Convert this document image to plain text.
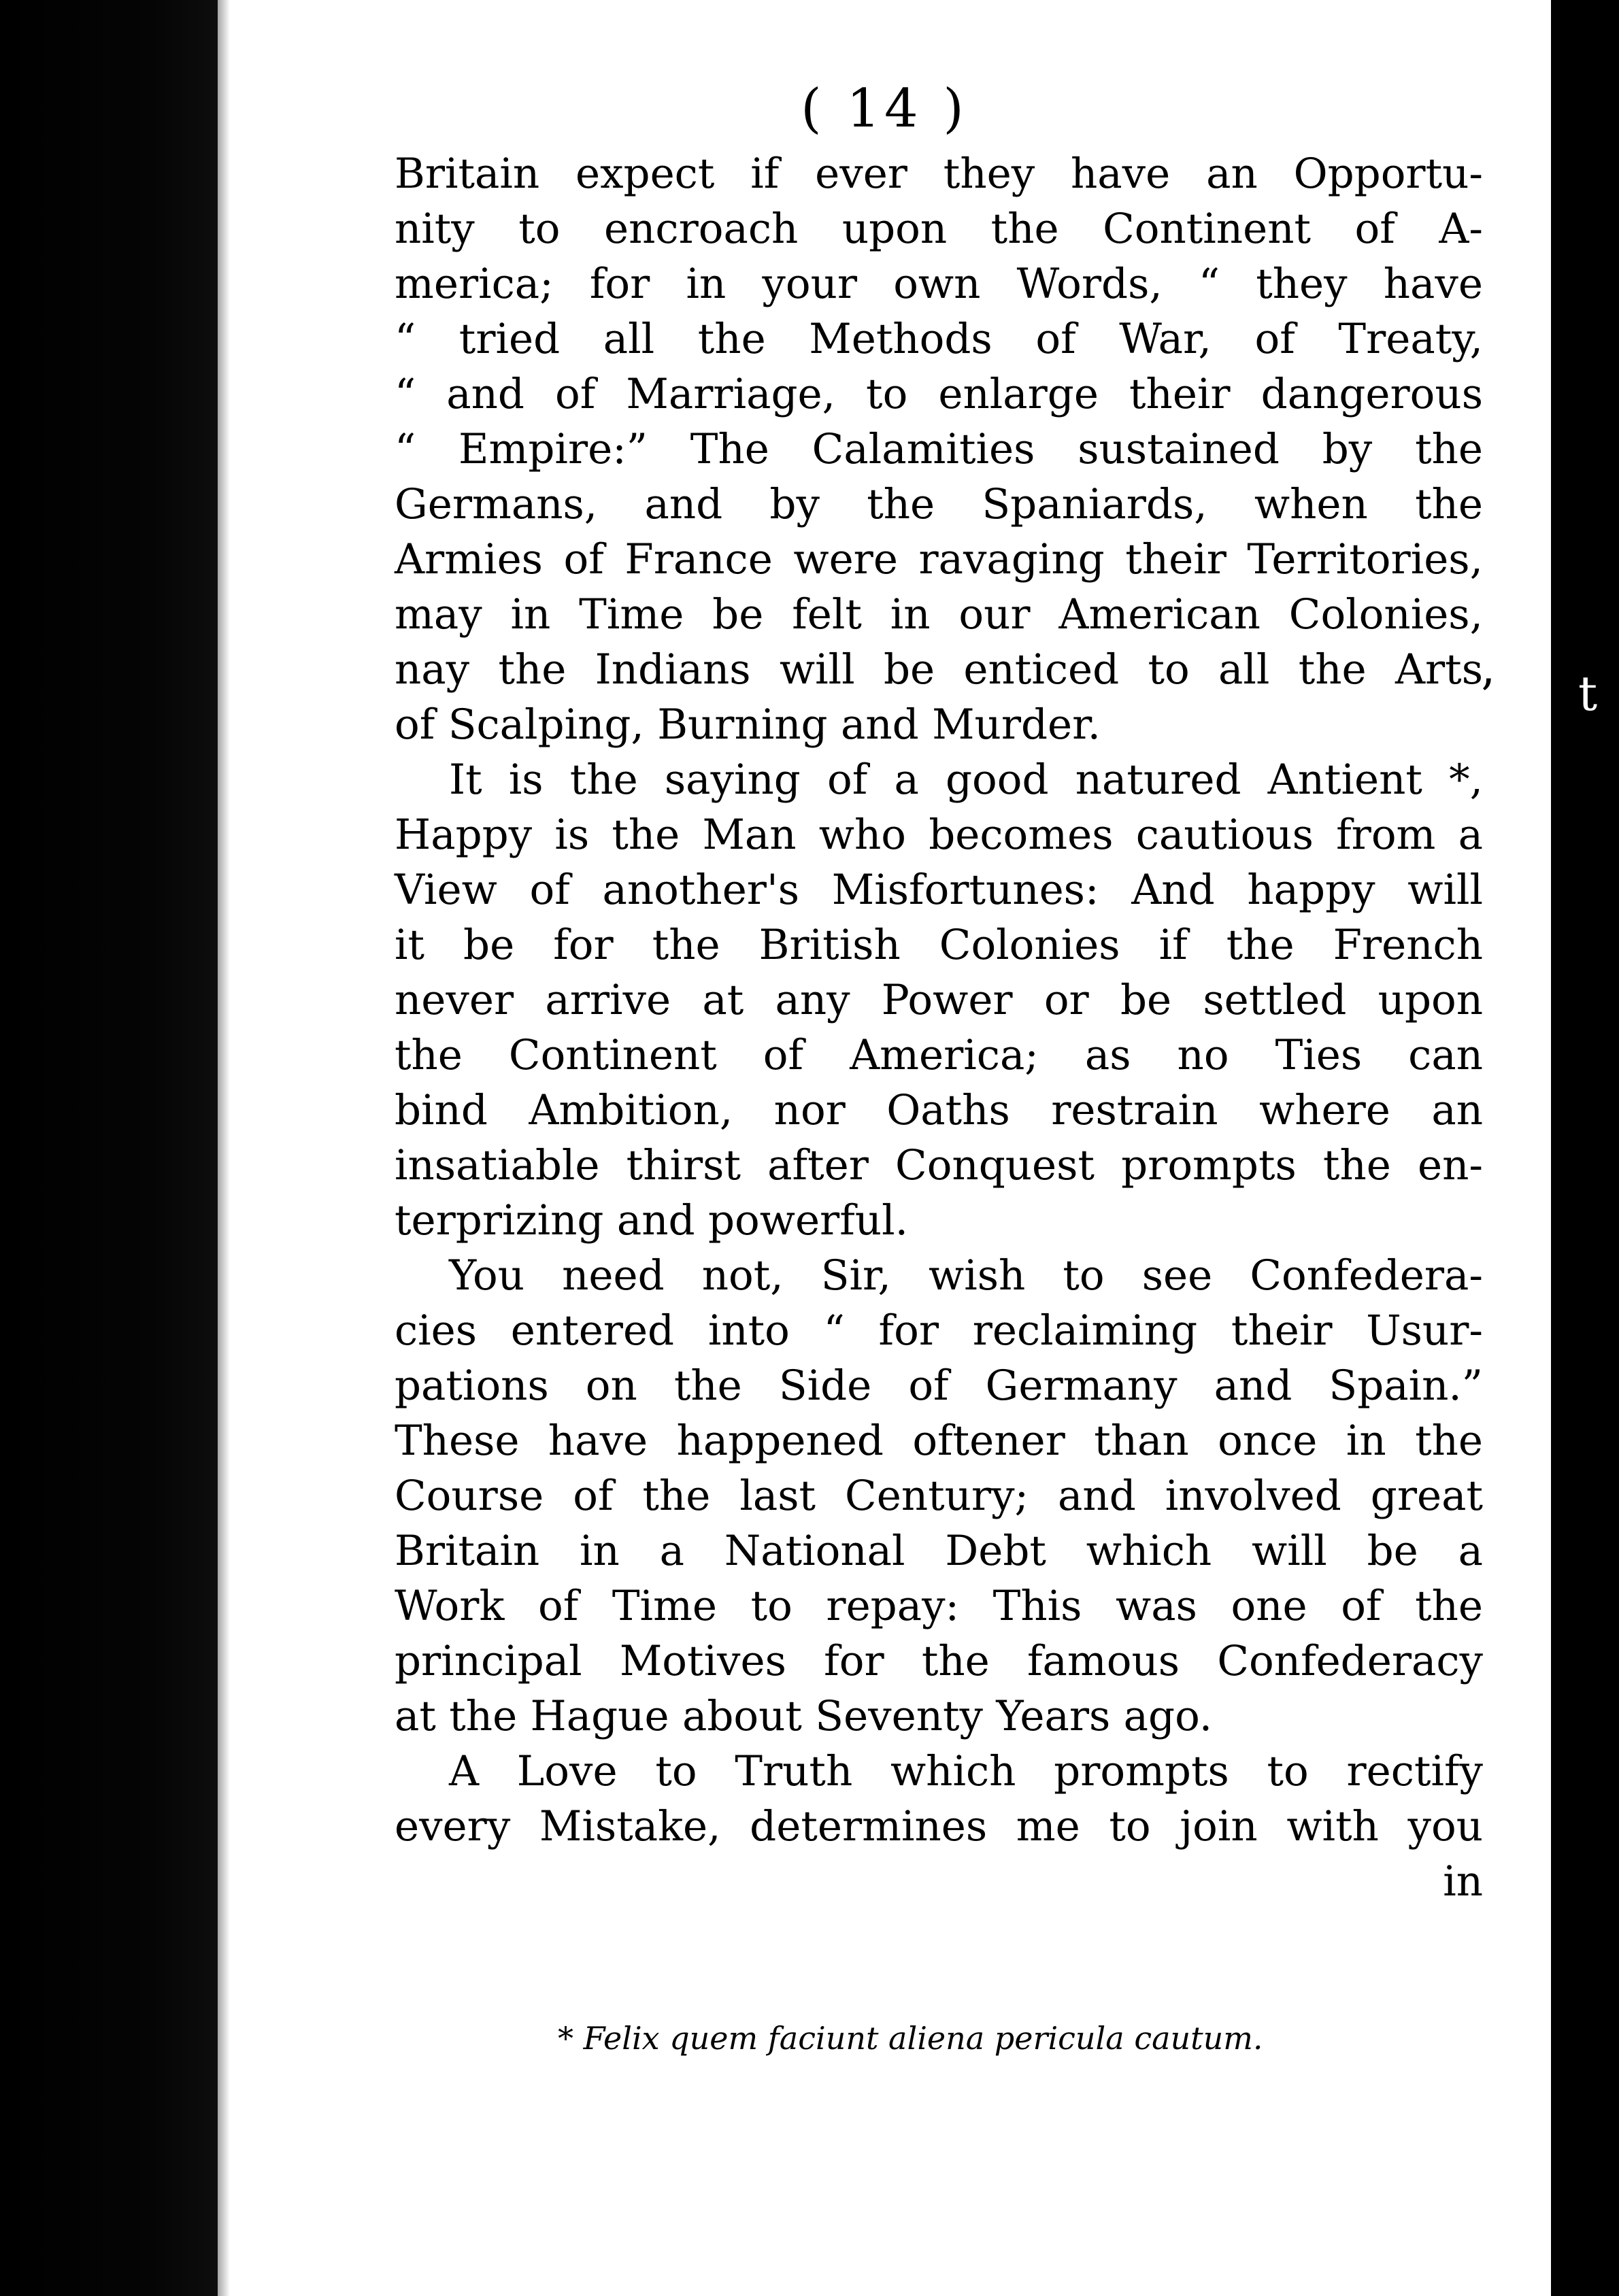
( 14 )
Britain expect if ever they have an Opportu-
nity to encroach upon the Continent of A-
merica; for in your own Words, “ they have
“ tried all the Methods of War, of Treaty,
“ and of Marriage, to enlarge their dangerous
“ Empire:” The Calamities sustained by the
Germans, and by the Spaniards, when the
Armies of France were ravaging their Territories,
may in Time be felt in our American Colonies,
nay the Indians will be enticed to all the Arts
of Scalping, Burning and Murder.
It is the saying of a good natured Antient *,
Happy is the Man who becomes cautious from a
View of another's Misfortunes: And happy will
it be for the British Colonies if the French
never arrive at any Power or be settled upon
the Continent of America; as no Ties can
bind Ambition, nor Oaths restrain where an
insatiable thirst after Conquest prompts the en-
terprizing and powerful.
You need not, Sir, wish to see Confedera-
cies entered into “ for reclaiming their Usur-
pations on the Side of Germany and Spain.”
These have happened oftener than once in the
Course of the last Century; and involved great
Britain in a National Debt which will be a
Work of Time to repay: This was one of the
principal Motives for the famous Confederacy
at the Hague about Seventy Years ago.
A Love to Truth which prompts to rectify
every Mistake, determines me to join with you
in
* Felix quem faciunt aliena pericula cautum.
’ t
